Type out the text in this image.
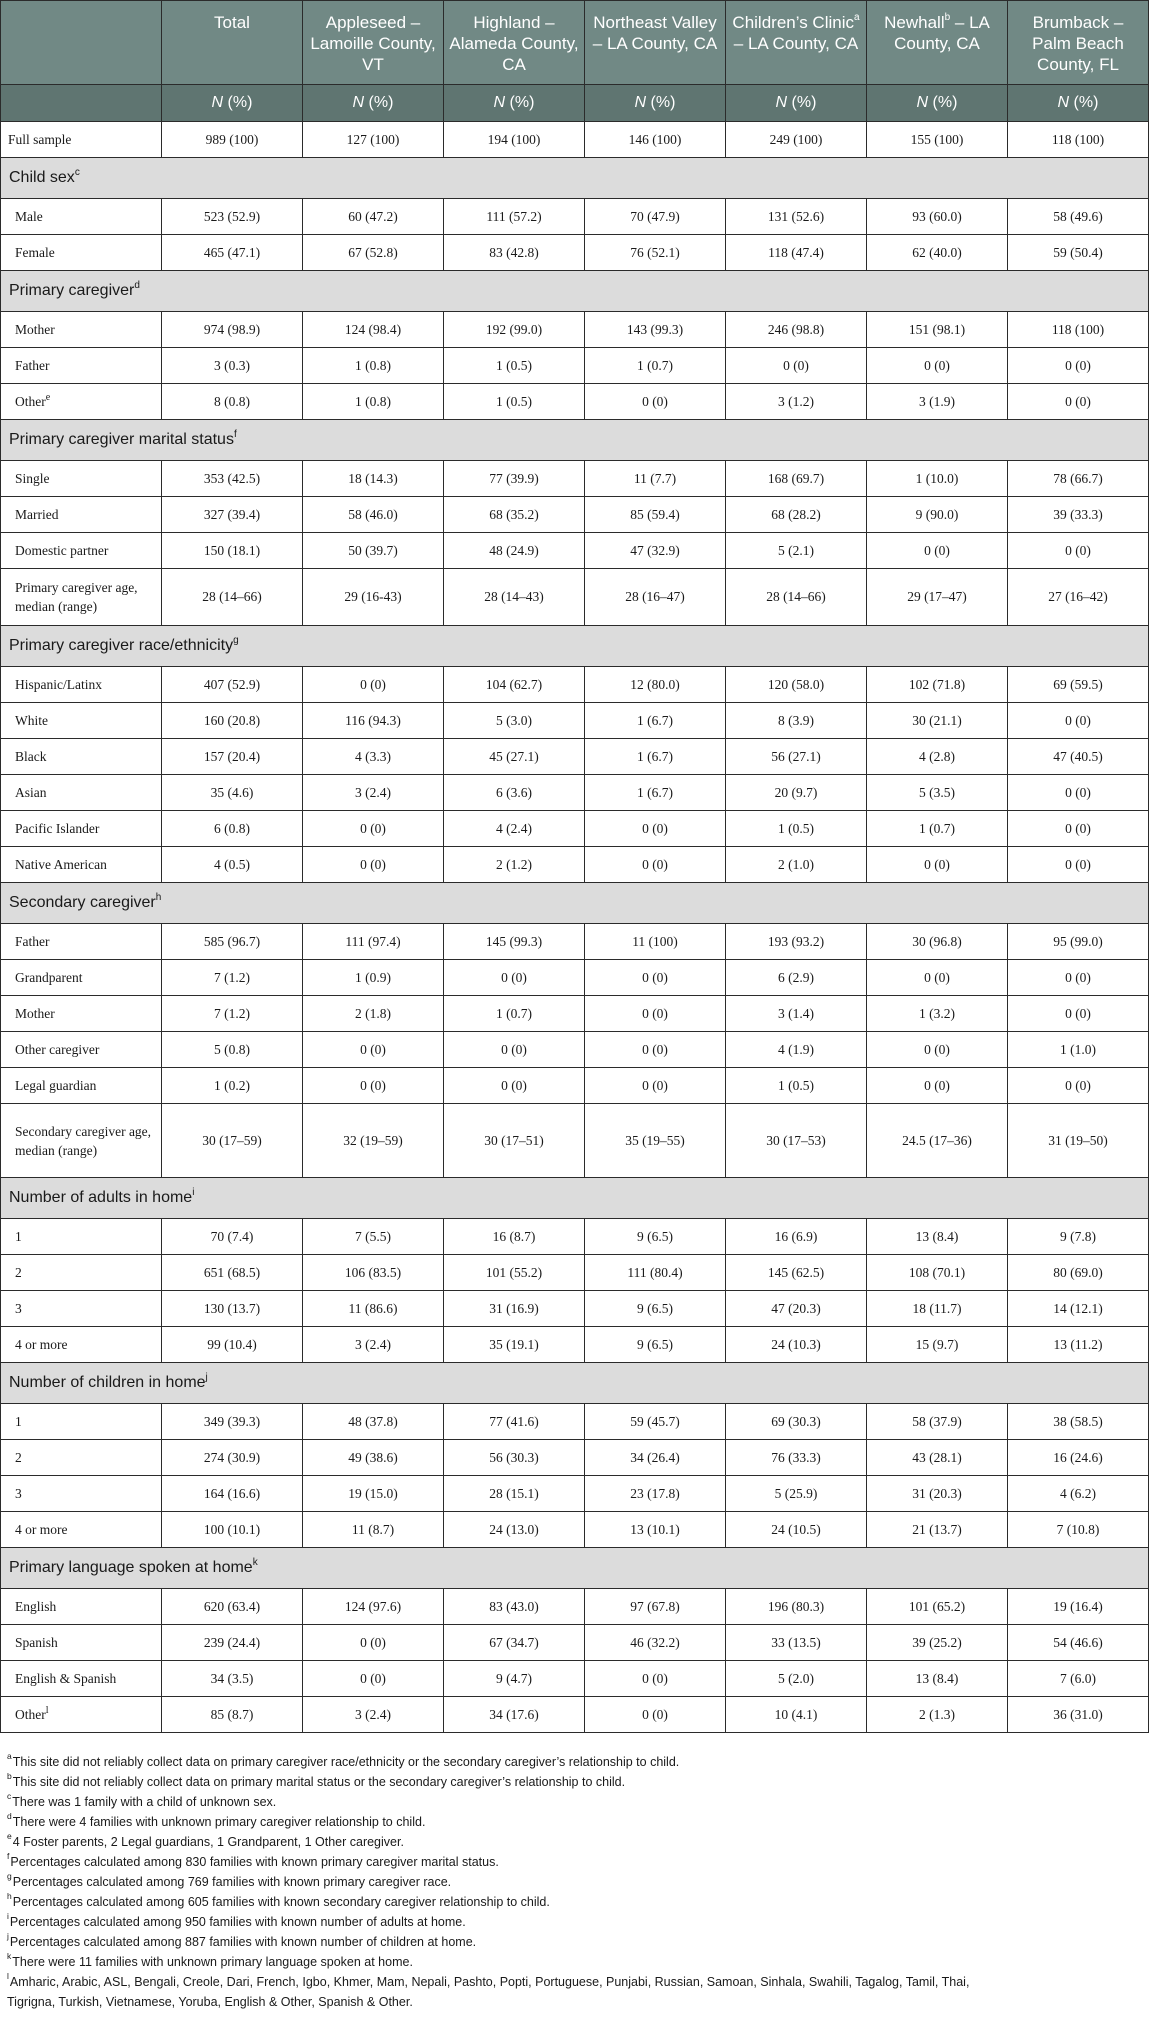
	Total	Appleseed – Lamoille County, VT	Highland – Alameda County, CA	Northeast Valley – LA County, CA	Children’s Clinic$^a$ – LA County, CA	Newhall$^b$ – LA County, CA	Brumback – Palm Beach County, FL
	N (%)	N (%)	N (%)	N (%)	N (%)	N (%)	N (%)
Full sample	989 (100)	127 (100)	194 (100)	146 (100)	249 (100)	155 (100)	118 (100)
Child sex$^c$
Male	523 (52.9)	60 (47.2)	111 (57.2)	70 (47.9)	131 (52.6)	93 (60.0)	58 (49.6)
Female	465 (47.1)	67 (52.8)	83 (42.8)	76 (52.1)	118 (47.4)	62 (40.0)	59 (50.4)
Primary caregiver$^d$
Mother	974 (98.9)	124 (98.4)	192 (99.0)	143 (99.3)	246 (98.8)	151 (98.1)	118 (100)
Father	3 (0.3)	1 (0.8)	1 (0.5)	1 (0.7)	0 (0)	0 (0)	0 (0)
Other$^e$	8 (0.8)	1 (0.8)	1 (0.5)	0 (0)	3 (1.2)	3 (1.9)	0 (0)
Primary caregiver marital status$^f$
Single	353 (42.5)	18 (14.3)	77 (39.9)	11 (7.7)	168 (69.7)	1 (10.0)	78 (66.7)
Married	327 (39.4)	58 (46.0)	68 (35.2)	85 (59.4)	68 (28.2)	9 (90.0)	39 (33.3)
Domestic partner	150 (18.1)	50 (39.7)	48 (24.9)	47 (32.9)	5 (2.1)	0 (0)	0 (0)
Primary caregiver age, median (range)	28 (14–66)	29 (16-43)	28 (14–43)	28 (16–47)	28 (14–66)	29 (17–47)	27 (16–42)
Primary caregiver race/ethnicity$^g$
Hispanic/Latinx	407 (52.9)	0 (0)	104 (62.7)	12 (80.0)	120 (58.0)	102 (71.8)	69 (59.5)
White	160 (20.8)	116 (94.3)	5 (3.0)	1 (6.7)	8 (3.9)	30 (21.1)	0 (0)
Black	157 (20.4)	4 (3.3)	45 (27.1)	1 (6.7)	56 (27.1)	4 (2.8)	47 (40.5)
Asian	35 (4.6)	3 (2.4)	6 (3.6)	1 (6.7)	20 (9.7)	5 (3.5)	0 (0)
Pacific Islander	6 (0.8)	0 (0)	4 (2.4)	0 (0)	1 (0.5)	1 (0.7)	0 (0)
Native American	4 (0.5)	0 (0)	2 (1.2)	0 (0)	2 (1.0)	0 (0)	0 (0)
Secondary caregiver$^h$
Father	585 (96.7)	111 (97.4)	145 (99.3)	11 (100)	193 (93.2)	30 (96.8)	95 (99.0)
Grandparent	7 (1.2)	1 (0.9)	0 (0)	0 (0)	6 (2.9)	0 (0)	0 (0)
Mother	7 (1.2)	2 (1.8)	1 (0.7)	0 (0)	3 (1.4)	1 (3.2)	0 (0)
Other caregiver	5 (0.8)	0 (0)	0 (0)	0 (0)	4 (1.9)	0 (0)	1 (1.0)
Legal guardian	1 (0.2)	0 (0)	0 (0)	0 (0)	1 (0.5)	0 (0)	0 (0)
Secondary caregiver age, median (range)	30 (17–59)	32 (19–59)	30 (17–51)	35 (19–55)	30 (17–53)	24.5 (17–36)	31 (19–50)
Number of adults in home$^i$
1	70 (7.4)	7 (5.5)	16 (8.7)	9 (6.5)	16 (6.9)	13 (8.4)	9 (7.8)
2	651 (68.5)	106 (83.5)	101 (55.2)	111 (80.4)	145 (62.5)	108 (70.1)	80 (69.0)
3	130 (13.7)	11 (86.6)	31 (16.9)	9 (6.5)	47 (20.3)	18 (11.7)	14 (12.1)
4 or more	99 (10.4)	3 (2.4)	35 (19.1)	9 (6.5)	24 (10.3)	15 (9.7)	13 (11.2)
Number of children in home$^j$
1	349 (39.3)	48 (37.8)	77 (41.6)	59 (45.7)	69 (30.3)	58 (37.9)	38 (58.5)
2	274 (30.9)	49 (38.6)	56 (30.3)	34 (26.4)	76 (33.3)	43 (28.1)	16 (24.6)
3	164 (16.6)	19 (15.0)	28 (15.1)	23 (17.8)	5 (25.9)	31 (20.3)	4 (6.2)
4 or more	100 (10.1)	11 (8.7)	24 (13.0)	13 (10.1)	24 (10.5)	21 (13.7)	7 (10.8)
Primary language spoken at home$^k$
English	620 (63.4)	124 (97.6)	83 (43.0)	97 (67.8)	196 (80.3)	101 (65.2)	19 (16.4)
Spanish	239 (24.4)	0 (0)	67 (34.7)	46 (32.2)	33 (13.5)	39 (25.2)	54 (46.6)
English & Spanish	34 (3.5)	0 (0)	9 (4.7)	0 (0)	5 (2.0)	13 (8.4)	7 (6.0)
Other$^l$	85 (8.7)	3 (2.4)	34 (17.6)	0 (0)	10 (4.1)	2 (1.3)	36 (31.0)
$^a$This site did not reliably collect data on primary caregiver race/ethnicity or the secondary caregiver’s relationship to child.
$^b$This site did not reliably collect data on primary marital status or the secondary caregiver’s relationship to child.
$^c$There was 1 family with a child of unknown sex.
$^d$There were 4 families with unknown primary caregiver relationship to child.
$^e$4 Foster parents, 2 Legal guardians, 1 Grandparent, 1 Other caregiver.
$^f$Percentages calculated among 830 families with known primary caregiver marital status.
$^g$Percentages calculated among 769 families with known primary caregiver race.
$^h$Percentages calculated among 605 families with known secondary caregiver relationship to child.
$^i$Percentages calculated among 950 families with known number of adults at home.
$^j$Percentages calculated among 887 families with known number of children at home.
$^k$There were 11 families with unknown primary language spoken at home.
$^l$Amharic, Arabic, ASL, Bengali, Creole, Dari, French, Igbo, Khmer, Mam, Nepali, Pashto, Popti, Portuguese, Punjabi, Russian, Samoan, Sinhala, Swahili, Tagalog, Tamil, Thai,
Tigrigna, Turkish, Vietnamese, Yoruba, English & Other, Spanish & Other.
